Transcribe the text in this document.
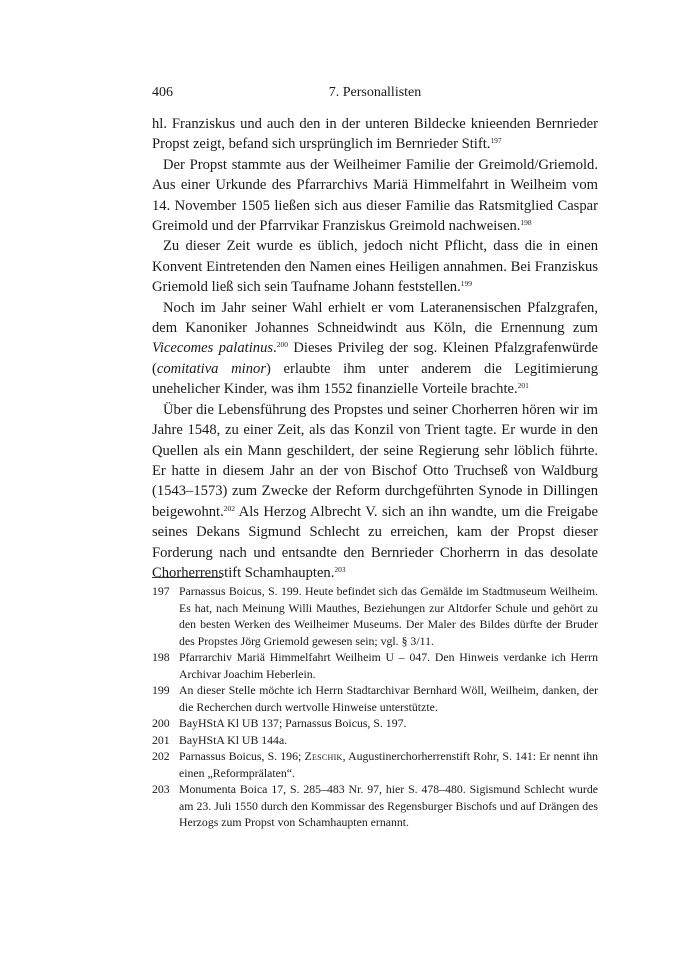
406	7. Personallisten

hl. Franziskus und auch den in der unteren Bildecke knieenden Bernrieder Propst zeigt, befand sich ursprünglich im Bernrieder Stift.$^{197}$

Der Propst stammte aus der Weilheimer Familie der Greimold/Griemold. Aus einer Urkunde des Pfarrarchivs Mariä Himmelfahrt in Weilheim vom 14. November 1505 ließen sich aus dieser Familie das Ratsmitglied Caspar Greimold und der Pfarrvikar Franziskus Greimold nachweisen.$^{198}$

Zu dieser Zeit wurde es üblich, jedoch nicht Pflicht, dass die in einen Konvent Eintretenden den Namen eines Heiligen annahmen. Bei Franziskus Griemold ließ sich sein Taufname Johann feststellen.$^{199}$

Noch im Jahr seiner Wahl erhielt er vom Lateranensischen Pfalzgrafen, dem Kanoniker Johannes Schneidwindt aus Köln, die Ernennung zum Vicecomes palatinus.$^{200}$ Dieses Privileg der sog. Kleinen Pfalzgrafenwürde (comitativa minor) erlaubte ihm unter anderem die Legitimierung unehelicher Kinder, was ihm 1552 finanzielle Vorteile brachte.$^{201}$

Über die Lebensführung des Propstes und seiner Chorherren hören wir im Jahre 1548, zu einer Zeit, als das Konzil von Trient tagte. Er wurde in den Quellen als ein Mann geschildert, der seine Regierung sehr löblich führte. Er hatte in diesem Jahr an der von Bischof Otto Truchseß von Waldburg (1543–1573) zum Zwecke der Reform durchgeführten Synode in Dillingen beigewohnt.$^{202}$ Als Herzog Albrecht V. sich an ihn wandte, um die Freigabe seines Dekans Sigmund Schlecht zu erreichen, kam der Propst dieser Forderung nach und entsandte den Bernrieder Chorherrn in das desolate Chorherrenstift Schamhaupten.$^{203}$

197 Parnassus Boicus, S. 199. Heute befindet sich das Gemälde im Stadtmuseum Weilheim. Es hat, nach Meinung Willi Mauthes, Beziehungen zur Altdorfer Schule und gehört zu den besten Werken des Weilheimer Museums. Der Maler des Bildes dürfte der Bruder des Propstes Jörg Griemold gewesen sein; vgl. § 3/11.
198 Pfarrarchiv Mariä Himmelfahrt Weilheim U – 047. Den Hinweis verdanke ich Herrn Archivar Joachim Heberlein.
199 An dieser Stelle möchte ich Herrn Stadtarchivar Bernhard Wöll, Weilheim, danken, der die Recherchen durch wertvolle Hinweise unterstützte.
200 BayHStA Kl UB 137; Parnassus Boicus, S. 197.
201 BayHStA Kl UB 144a.
202 Parnassus Boicus, S. 196; Zeschik, Augustinerchorherrenstift Rohr, S. 141: Er nennt ihn einen „Reformprälaten“.
203 Monumenta Boica 17, S. 285–483 Nr. 97, hier S. 478–480. Sigismund Schlecht wurde am 23. Juli 1550 durch den Kommissar des Regensburger Bischofs und auf Drängen des Herzogs zum Propst von Schamhaupten ernannt.
